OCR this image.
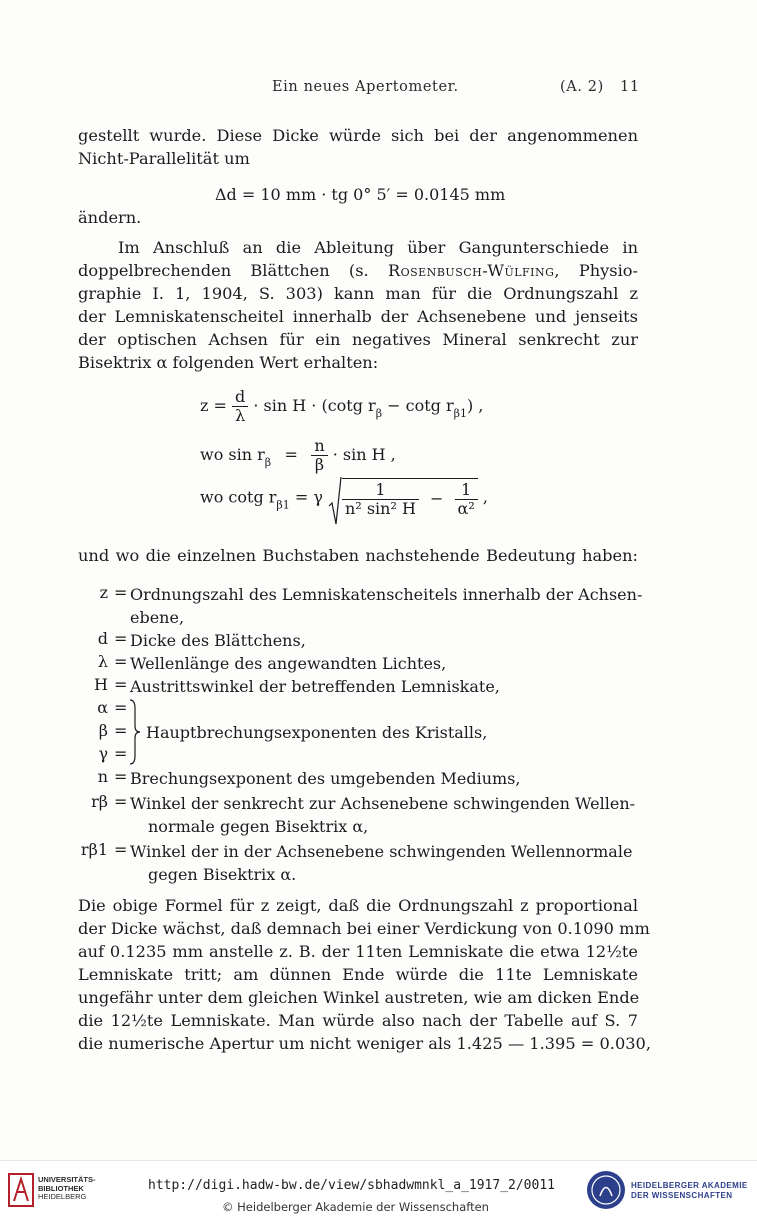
Ein neues Apertometer.	(A. 2) 11
gestellt wurde. Diese Dicke würde sich bei der angenommenen
Nicht-Parallelität um
Δd = 10 mm · tg 0° 5′ = 0.0145 mm
ändern.
Im Anschluß an die Ableitung über Gangunterschiede in
doppelbrechenden Blättchen (s. Rosenbusch-Wülfing, Physio-
graphie I. 1, 1904, S. 303) kann man für die Ordnungszahl z
der Lemniskatenscheitel innerhalb der Achsenebene und jenseits
der optischen Achsen für ein negatives Mineral senkrecht zur
Bisektrix α folgenden Wert erhalten:
$z = \frac{d}{\lambda} \cdot \sin H \cdot (\cot g$ $r_\beta - \cot g$ $r_{\beta 1}$) ,
wo $\sin r_\beta = \frac{n}{\beta} \cdot \sin H$ ,
wo cotg $r_{\beta 1} = \gamma \frac{1}{\text{n² sin² H}} - \frac{1}{\text{α²}}$ ,
und wo die einzelnen Buchstaben nachstehende Bedeutung haben:
z = Ordnungszahl des Lemniskatenscheitels innerhalb der Achsen-
ebene,
d = Dicke des Blättchens,
λ = Wellenlänge des angewandten Lichtes,
H = Austrittswinkel der betreffenden Lemniskate,
α =
β =
γ =
Hauptbrechungsexponenten des Kristalls,
n = Brechungsexponent des umgebenden Mediums,
rβ = Winkel der senkrecht zur Achsenebene schwingenden Wellen-
normale gegen Bisektrix α,
rβ1 = Winkel der in der Achsenebene schwingenden Wellennormale
gegen Bisektrix α.
Die obige Formel für z zeigt, daß die Ordnungszahl z proportional
der Dicke wächst, daß demnach bei einer Verdickung von 0.1090 mm
auf 0.1235 mm anstelle z. B. der 11ten Lemniskate die etwa 12½te
Lemniskate tritt; am dünnen Ende würde die 11te Lemniskate
ungefähr unter dem gleichen Winkel austreten, wie am dicken Ende
die 12½te Lemniskate. Man würde also nach der Tabelle auf S. 7
die numerische Apertur um nicht weniger als 1.425 — 1.395 = 0.030,
UNIVERSITÄTS-
BIBLIOTHEK
HEIDELBERG
http://digi.hadw-bw.de/view/sbhadwmnkl_a_1917_2/0011
© Heidelberger Akademie der Wissenschaften
HEIDELBERGER AKADEMIE
DER WISSENSCHAFTEN
